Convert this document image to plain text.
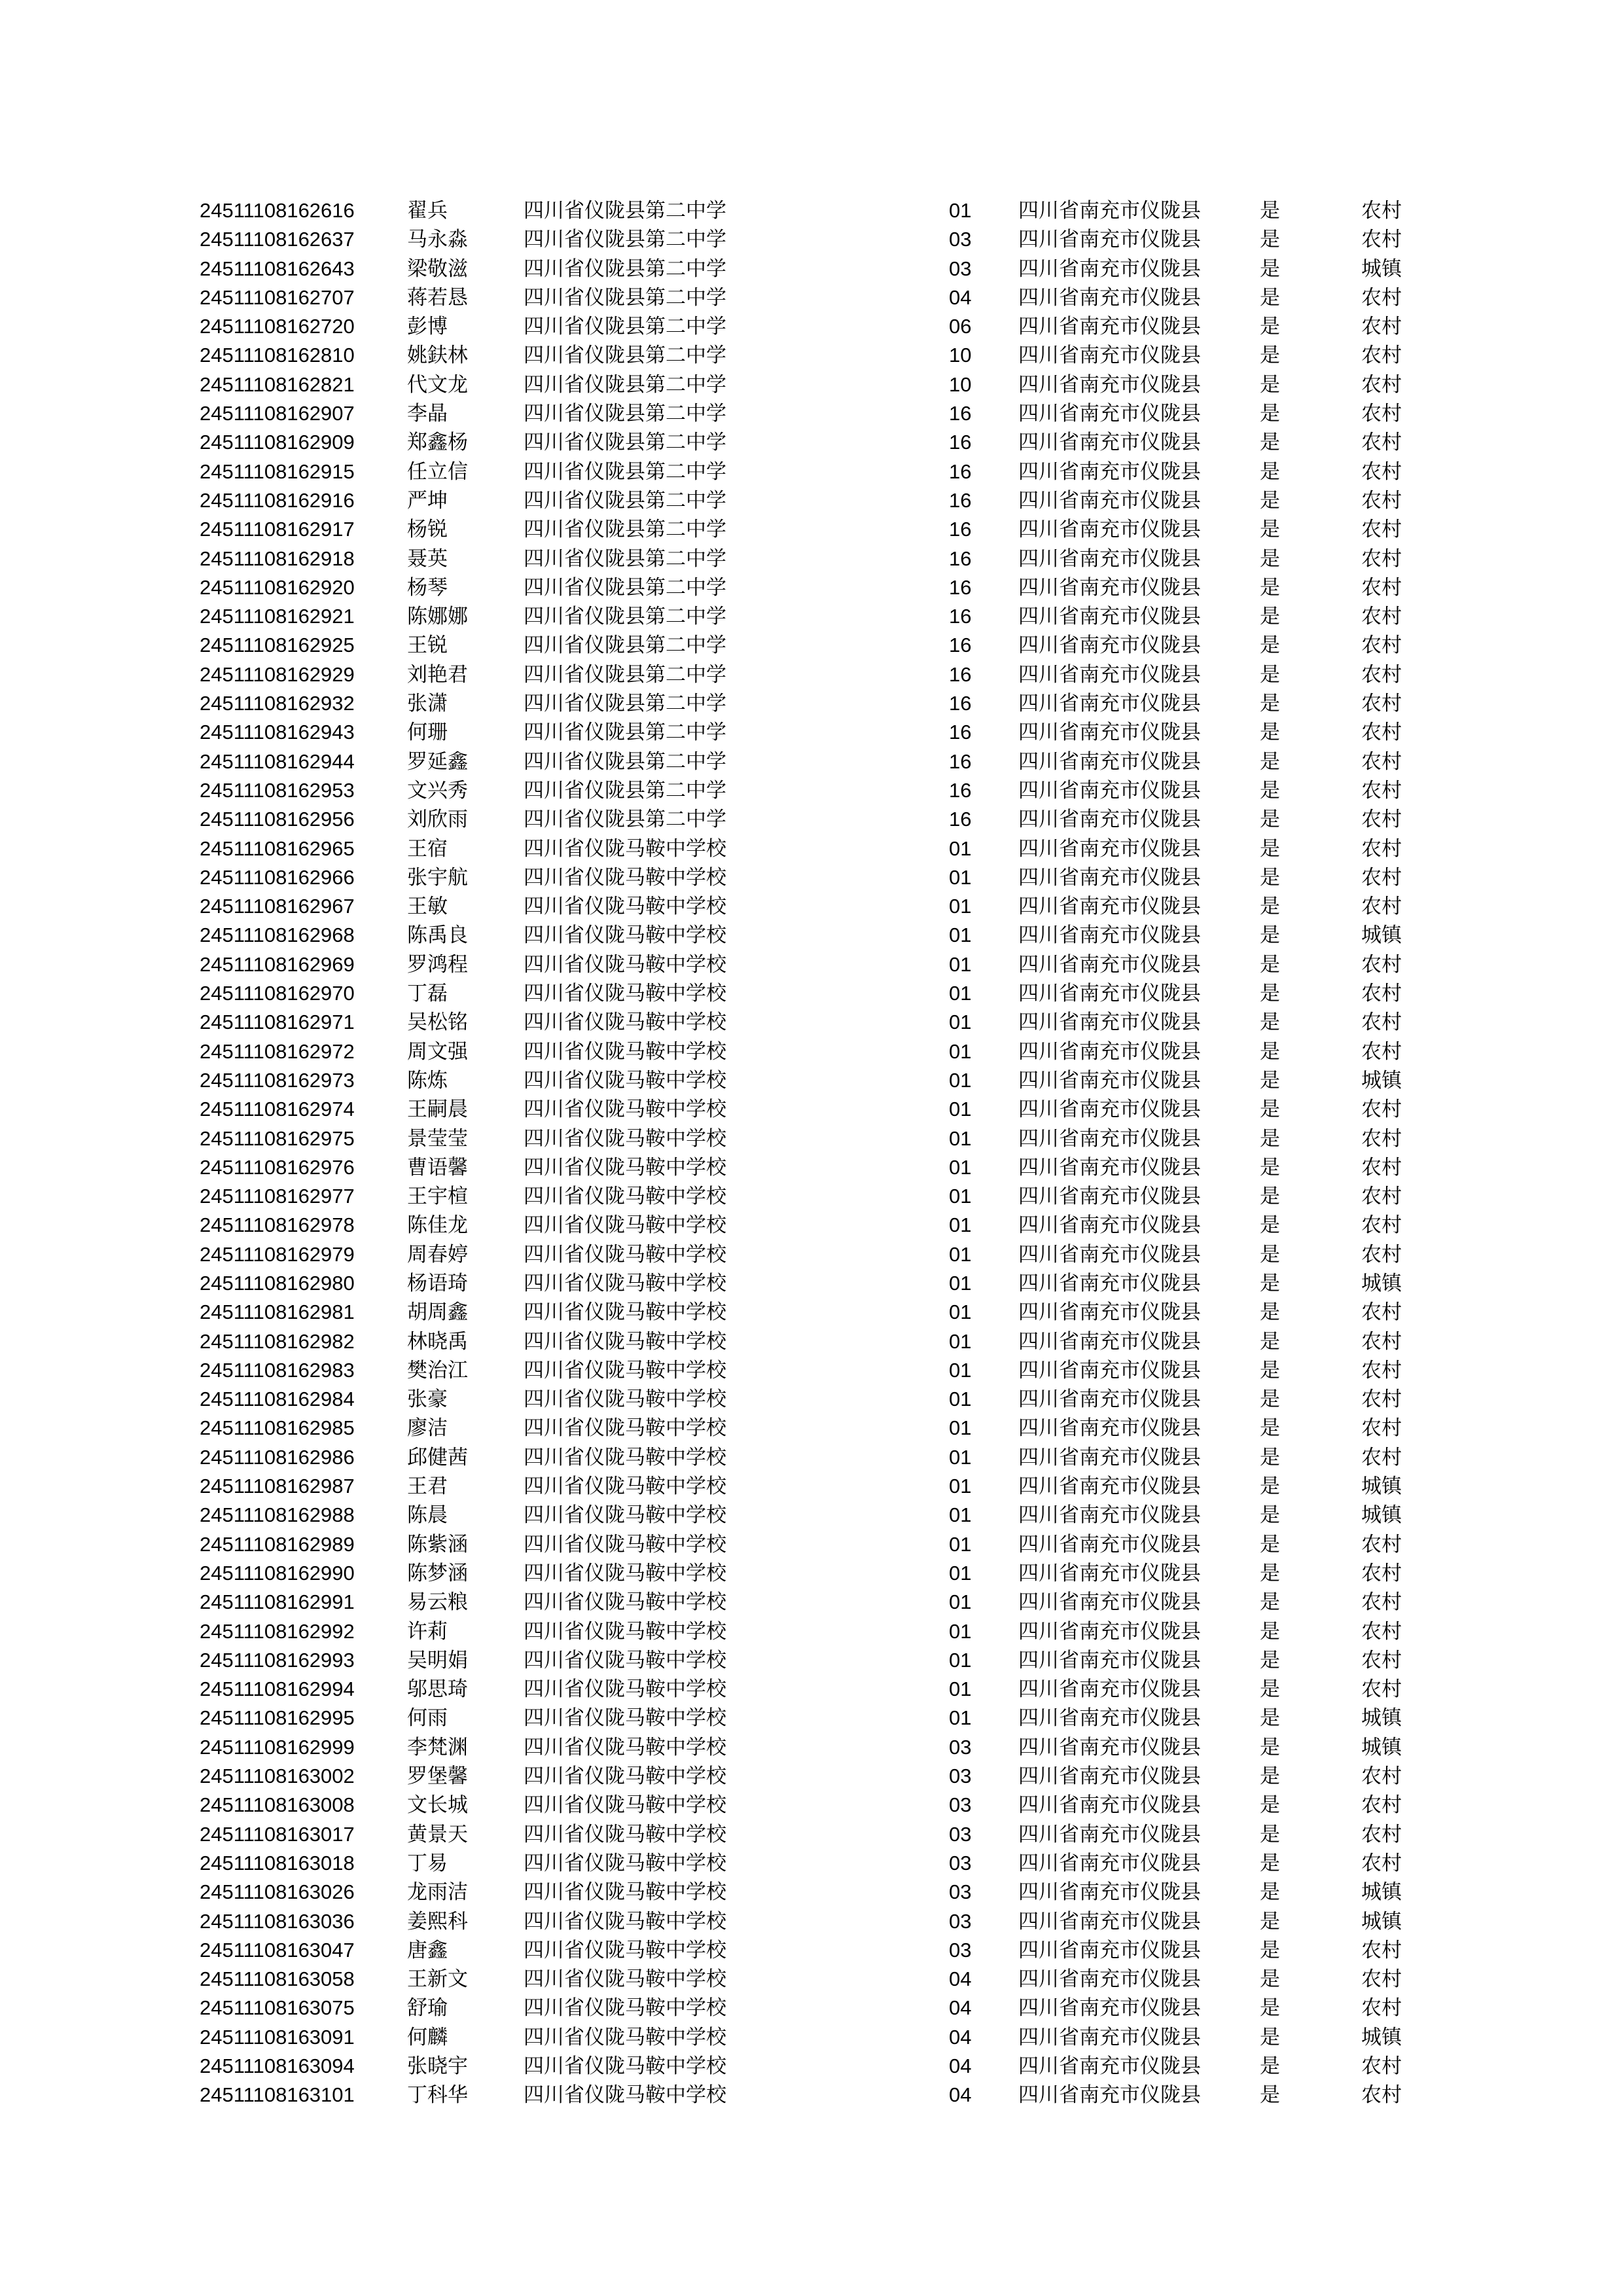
24511108162616	翟兵	四川省仪陇县第二中学	01 四川省南充市仪陇县	是	农村
24511108162637	马永淼	四川省仪陇县第二中学	03 四川省南充市仪陇县	是	农村
24511108162643	梁敬滋	四川省仪陇县第二中学	03 四川省南充市仪陇县	是	城镇
24511108162707	蒋若恳	四川省仪陇县第二中学	04 四川省南充市仪陇县	是	农村
24511108162720	彭博	四川省仪陇县第二中学	06 四川省南充市仪陇县	是	农村
24511108162810	姚鈇林	四川省仪陇县第二中学	10 四川省南充市仪陇县	是	农村
24511108162821	代文龙	四川省仪陇县第二中学	10 四川省南充市仪陇县	是	农村
24511108162907	李晶	四川省仪陇县第二中学	16 四川省南充市仪陇县	是	农村
24511108162909	郑鑫杨	四川省仪陇县第二中学	16 四川省南充市仪陇县	是	农村
24511108162915	任立信	四川省仪陇县第二中学	16 四川省南充市仪陇县	是	农村
24511108162916	严坤	四川省仪陇县第二中学	16 四川省南充市仪陇县	是	农村
24511108162917	杨锐	四川省仪陇县第二中学	16 四川省南充市仪陇县	是	农村
24511108162918	聂英	四川省仪陇县第二中学	16 四川省南充市仪陇县	是	农村
24511108162920	杨琴	四川省仪陇县第二中学	16 四川省南充市仪陇县	是	农村
24511108162921	陈娜娜	四川省仪陇县第二中学	16 四川省南充市仪陇县	是	农村
24511108162925	王锐	四川省仪陇县第二中学	16 四川省南充市仪陇县	是	农村
24511108162929	刘艳君	四川省仪陇县第二中学	16 四川省南充市仪陇县	是	农村
24511108162932	张潇	四川省仪陇县第二中学	16 四川省南充市仪陇县	是	农村
24511108162943	何珊	四川省仪陇县第二中学	16 四川省南充市仪陇县	是	农村
24511108162944	罗延鑫	四川省仪陇县第二中学	16 四川省南充市仪陇县	是	农村
24511108162953	文兴秀	四川省仪陇县第二中学	16 四川省南充市仪陇县	是	农村
24511108162956	刘欣雨	四川省仪陇县第二中学	16 四川省南充市仪陇县	是	农村
24511108162965	王宿	四川省仪陇马鞍中学校	01 四川省南充市仪陇县	是	农村
24511108162966	张宇航	四川省仪陇马鞍中学校	01 四川省南充市仪陇县	是	农村
24511108162967	王敏	四川省仪陇马鞍中学校	01 四川省南充市仪陇县	是	农村
24511108162968	陈禹良	四川省仪陇马鞍中学校	01 四川省南充市仪陇县	是	城镇
24511108162969	罗鸿程	四川省仪陇马鞍中学校	01 四川省南充市仪陇县	是	农村
24511108162970	丁磊	四川省仪陇马鞍中学校	01 四川省南充市仪陇县	是	农村
24511108162971	吴松铭	四川省仪陇马鞍中学校	01 四川省南充市仪陇县	是	农村
24511108162972	周文强	四川省仪陇马鞍中学校	01 四川省南充市仪陇县	是	农村
24511108162973	陈炼	四川省仪陇马鞍中学校	01 四川省南充市仪陇县	是	城镇
24511108162974	王嗣晨	四川省仪陇马鞍中学校	01 四川省南充市仪陇县	是	农村
24511108162975	景莹莹	四川省仪陇马鞍中学校	01 四川省南充市仪陇县	是	农村
24511108162976	曹语馨	四川省仪陇马鞍中学校	01 四川省南充市仪陇县	是	农村
24511108162977	王宇楦	四川省仪陇马鞍中学校	01 四川省南充市仪陇县	是	农村
24511108162978	陈佳龙	四川省仪陇马鞍中学校	01 四川省南充市仪陇县	是	农村
24511108162979	周春婷	四川省仪陇马鞍中学校	01 四川省南充市仪陇县	是	农村
24511108162980	杨语琦	四川省仪陇马鞍中学校	01 四川省南充市仪陇县	是	城镇
24511108162981	胡周鑫	四川省仪陇马鞍中学校	01 四川省南充市仪陇县	是	农村
24511108162982	林晓禹	四川省仪陇马鞍中学校	01 四川省南充市仪陇县	是	农村
24511108162983	樊治江	四川省仪陇马鞍中学校	01 四川省南充市仪陇县	是	农村
24511108162984	张豪	四川省仪陇马鞍中学校	01 四川省南充市仪陇县	是	农村
24511108162985	廖洁	四川省仪陇马鞍中学校	01 四川省南充市仪陇县	是	农村
24511108162986	邱健茜	四川省仪陇马鞍中学校	01 四川省南充市仪陇县	是	农村
24511108162987	王君	四川省仪陇马鞍中学校	01 四川省南充市仪陇县	是	城镇
24511108162988	陈晨	四川省仪陇马鞍中学校	01 四川省南充市仪陇县	是	城镇
24511108162989	陈紫涵	四川省仪陇马鞍中学校	01 四川省南充市仪陇县	是	农村
24511108162990	陈梦涵	四川省仪陇马鞍中学校	01 四川省南充市仪陇县	是	农村
24511108162991	易云粮	四川省仪陇马鞍中学校	01 四川省南充市仪陇县	是	农村
24511108162992	许莉	四川省仪陇马鞍中学校	01 四川省南充市仪陇县	是	农村
24511108162993	吴明娟	四川省仪陇马鞍中学校	01 四川省南充市仪陇县	是	农村
24511108162994	邬思琦	四川省仪陇马鞍中学校	01 四川省南充市仪陇县	是	农村
24511108162995	何雨	四川省仪陇马鞍中学校	01 四川省南充市仪陇县	是	城镇
24511108162999	李梵渊	四川省仪陇马鞍中学校	03 四川省南充市仪陇县	是	城镇
24511108163002	罗堡馨	四川省仪陇马鞍中学校	03 四川省南充市仪陇县	是	农村
24511108163008	文长城	四川省仪陇马鞍中学校	03 四川省南充市仪陇县	是	农村
24511108163017	黄景天	四川省仪陇马鞍中学校	03 四川省南充市仪陇县	是	农村
24511108163018	丁易	四川省仪陇马鞍中学校	03 四川省南充市仪陇县	是	农村
24511108163026	龙雨洁	四川省仪陇马鞍中学校	03 四川省南充市仪陇县	是	城镇
24511108163036	姜熙科	四川省仪陇马鞍中学校	03 四川省南充市仪陇县	是	城镇
24511108163047	唐鑫	四川省仪陇马鞍中学校	03 四川省南充市仪陇县	是	农村
24511108163058	王新文	四川省仪陇马鞍中学校	04 四川省南充市仪陇县	是	农村
24511108163075	舒瑜	四川省仪陇马鞍中学校	04 四川省南充市仪陇县	是	农村
24511108163091	何麟	四川省仪陇马鞍中学校	04 四川省南充市仪陇县	是	城镇
24511108163094	张晓宇	四川省仪陇马鞍中学校	04 四川省南充市仪陇县	是	农村
24511108163101	丁科华	四川省仪陇马鞍中学校	04 四川省南充市仪陇县	是	农村
